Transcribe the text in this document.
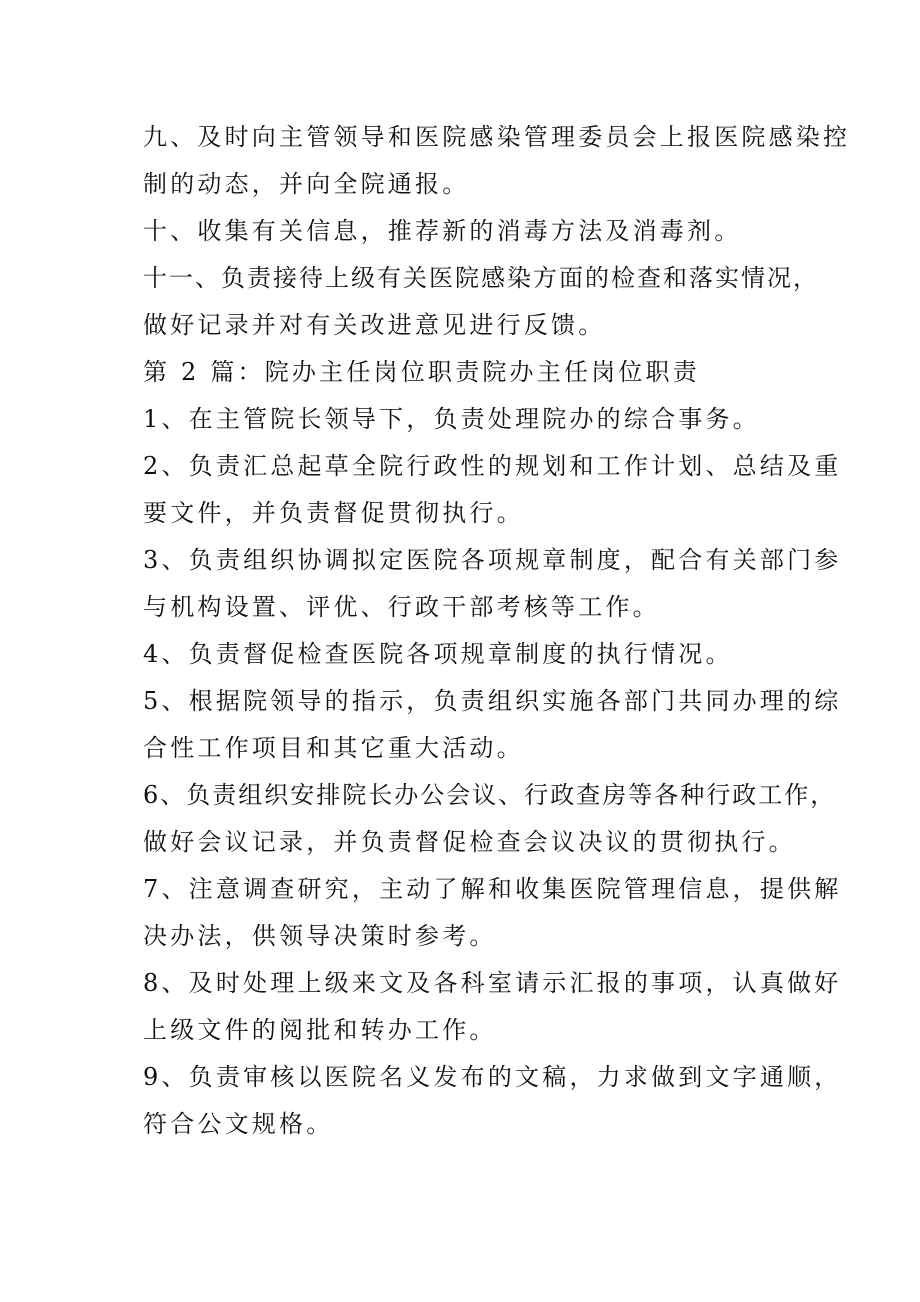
九、及时向主管领导和医院感染管理委员会上报医院感染控
制的动态，并向全院通报。
十、收集有关信息，推荐新的消毒方法及消毒剂。
十一、负责接待上级有关医院感染方面的检查和落实情况，
做好记录并对有关改进意见进行反馈。
第 2 篇：院办主任岗位职责院办主任岗位职责
1、在主管院长领导下，负责处理院办的综合事务。
2、负责汇总起草全院行政性的规划和工作计划、总结及重
要文件，并负责督促贯彻执行。
3、负责组织协调拟定医院各项规章制度，配合有关部门参
与机构设置、评优、行政干部考核等工作。
4、负责督促检查医院各项规章制度的执行情况。
5、根据院领导的指示，负责组织实施各部门共同办理的综
合性工作项目和其它重大活动。
6、负责组织安排院长办公会议、行政查房等各种行政工作，
做好会议记录，并负责督促检查会议决议的贯彻执行。
7、注意调查研究，主动了解和收集医院管理信息，提供解
决办法，供领导决策时参考。
8、及时处理上级来文及各科室请示汇报的事项，认真做好
上级文件的阅批和转办工作。
9、负责审核以医院名义发布的文稿，力求做到文字通顺，
符合公文规格。
